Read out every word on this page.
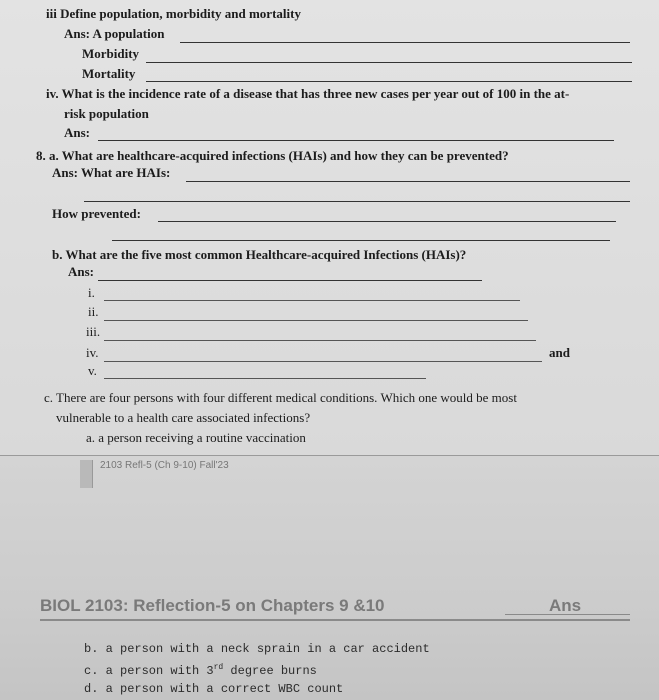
iii Define population, morbidity and mortality
Ans: A population
Morbidity
Mortality
iv. What is the incidence rate of a disease that has three new cases per year out of 100 in the at-
risk population
Ans:
8. a. What are healthcare-acquired infections (HAIs) and how they can be prevented?
Ans: What are HAIs:
How prevented:
b. What are the five most common Healthcare-acquired Infections (HAIs)?
Ans:
i.
ii.
iii.
iv.	and
v.
c. There are four persons with four different medical conditions. Which one would be most
vulnerable to a health care associated infections?
a. a person receiving a routine vaccination
2103 Refl-5 (Ch 9-10) Fall'23
BIOL 2103: Reflection-5 on Chapters 9 &10	Ans
b. a person with a neck sprain in a car accident
c. a person with 3rd degree burns
d. a person with a correct WBC count
